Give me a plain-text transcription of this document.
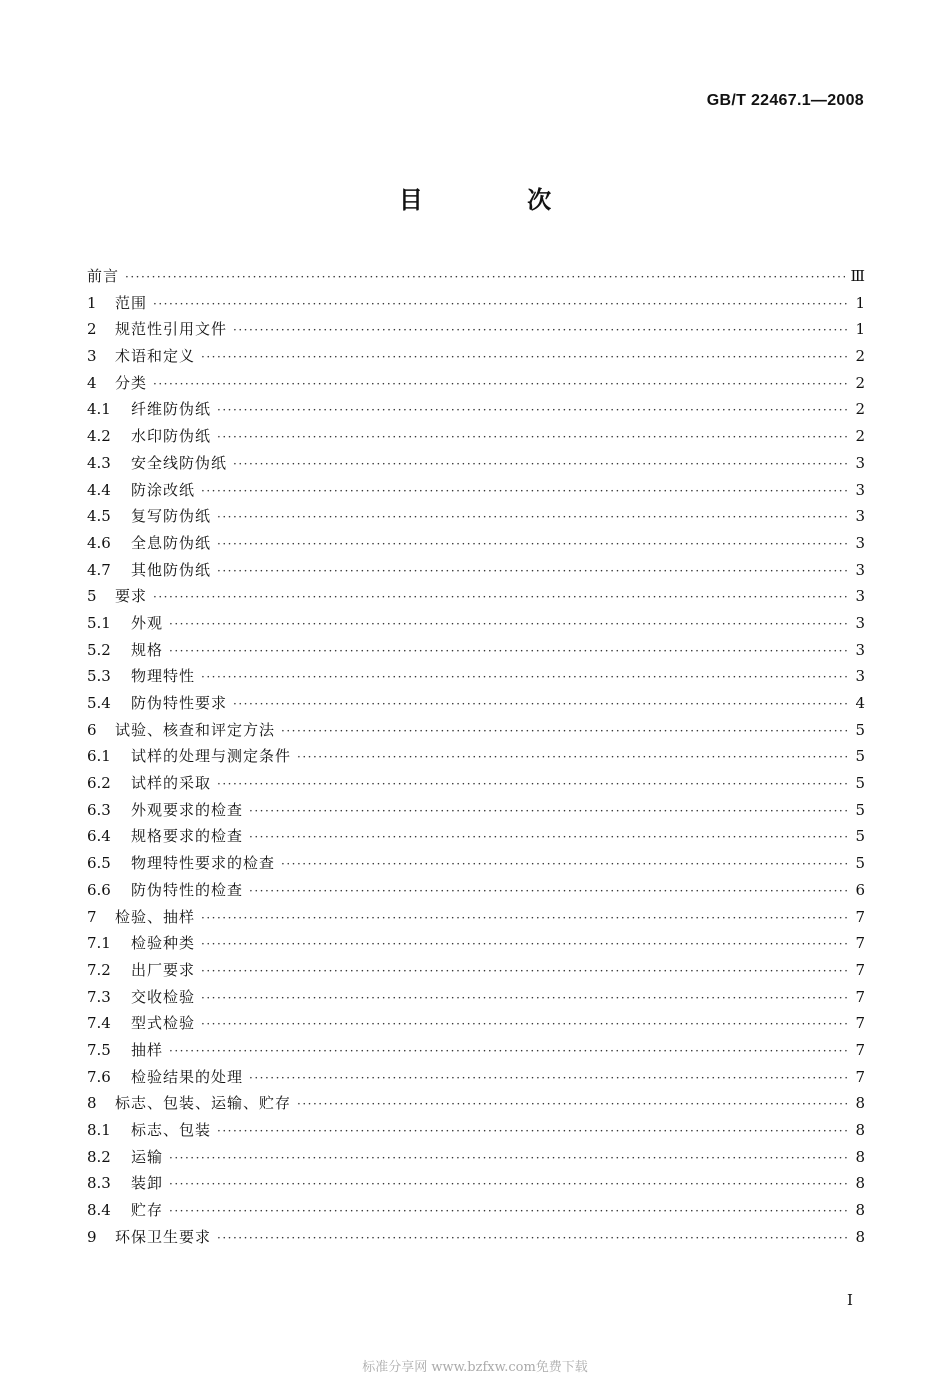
GB/T 22467.1—2008
目 次
前言 ·····	Ⅲ
1	范围 ·····	1
2	规范性引用文件 ·····	1
3	术语和定义 ·····	2
4	分类 ·····	2
4.1	纤维防伪纸 ·····	2
4.2	水印防伪纸 ·····	2
4.3	安全线防伪纸 ·····	3
4.4	防涂改纸 ·····	3
4.5	复写防伪纸 ·····	3
4.6	全息防伪纸 ·····	3
4.7	其他防伪纸 ·····	3
5	要求 ·····	3
5.1	外观 ·····	3
5.2	规格 ·····	3
5.3	物理特性 ·····	3
5.4	防伪特性要求 ·····	4
6	试验、核查和评定方法 ·····	5
6.1	试样的处理与测定条件 ·····	5
6.2	试样的采取 ·····	5
6.3	外观要求的检查 ·····	5
6.4	规格要求的检查 ·····	5
6.5	物理特性要求的检查 ·····	5
6.6	防伪特性的检查 ·····	6
7	检验、抽样 ·····	7
7.1	检验种类 ·····	7
7.2	出厂要求 ·····	7
7.3	交收检验 ·····	7
7.4	型式检验 ·····	7
7.5	抽样 ·····	7
7.6	检验结果的处理 ·····	7
8	标志、包装、运输、贮存 ·····	8
8.1	标志、包装 ·····	8
8.2	运输 ·····	8
8.3	装卸 ·····	8
8.4	贮存 ·····	8
9	环保卫生要求 ·····	8
Ⅰ
标准分享网 www.bzfxw.com免费下载
